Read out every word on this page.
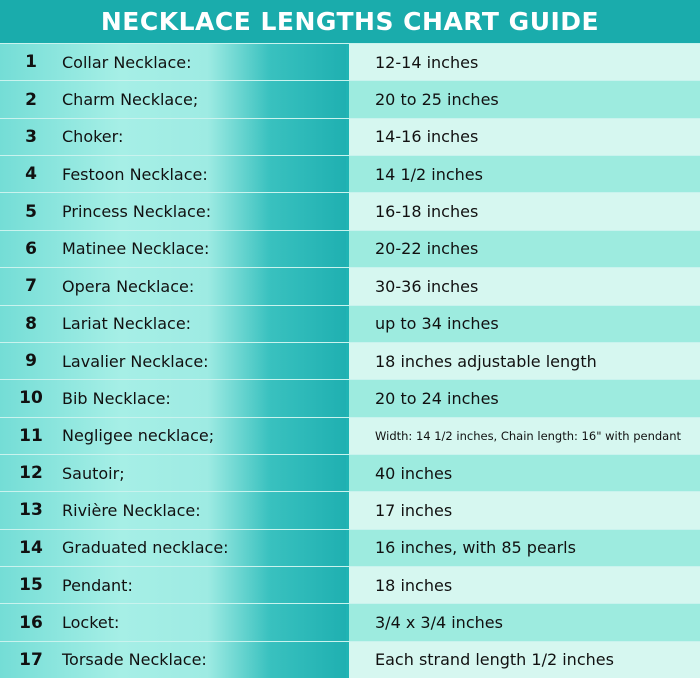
NECKLACE LENGTHS CHART GUIDE
1	Collar Necklace:	12-14 inches
2	Charm Necklace;	20 to 25 inches
3	Choker:	14-16 inches
4	Festoon Necklace:	14 1/2 inches
5	Princess Necklace:	16-18 inches
6	Matinee Necklace:	20-22 inches
7	Opera Necklace:	30-36 inches
8	Lariat Necklace:	up to 34 inches
9	Lavalier Necklace:	18 inches adjustable length
10	Bib Necklace:	20 to 24 inches
11	Negligee necklace;	Width: 14 1/2 inches, Chain length: 16" with pendant
12	Sautoir;	40 inches
13	Rivière Necklace:	17 inches
14	Graduated necklace:	16 inches, with 85 pearls
15	Pendant:	18 inches
16	Locket:	3/4 x 3/4 inches
17	Torsade Necklace:	Each strand length 1/2 inches
